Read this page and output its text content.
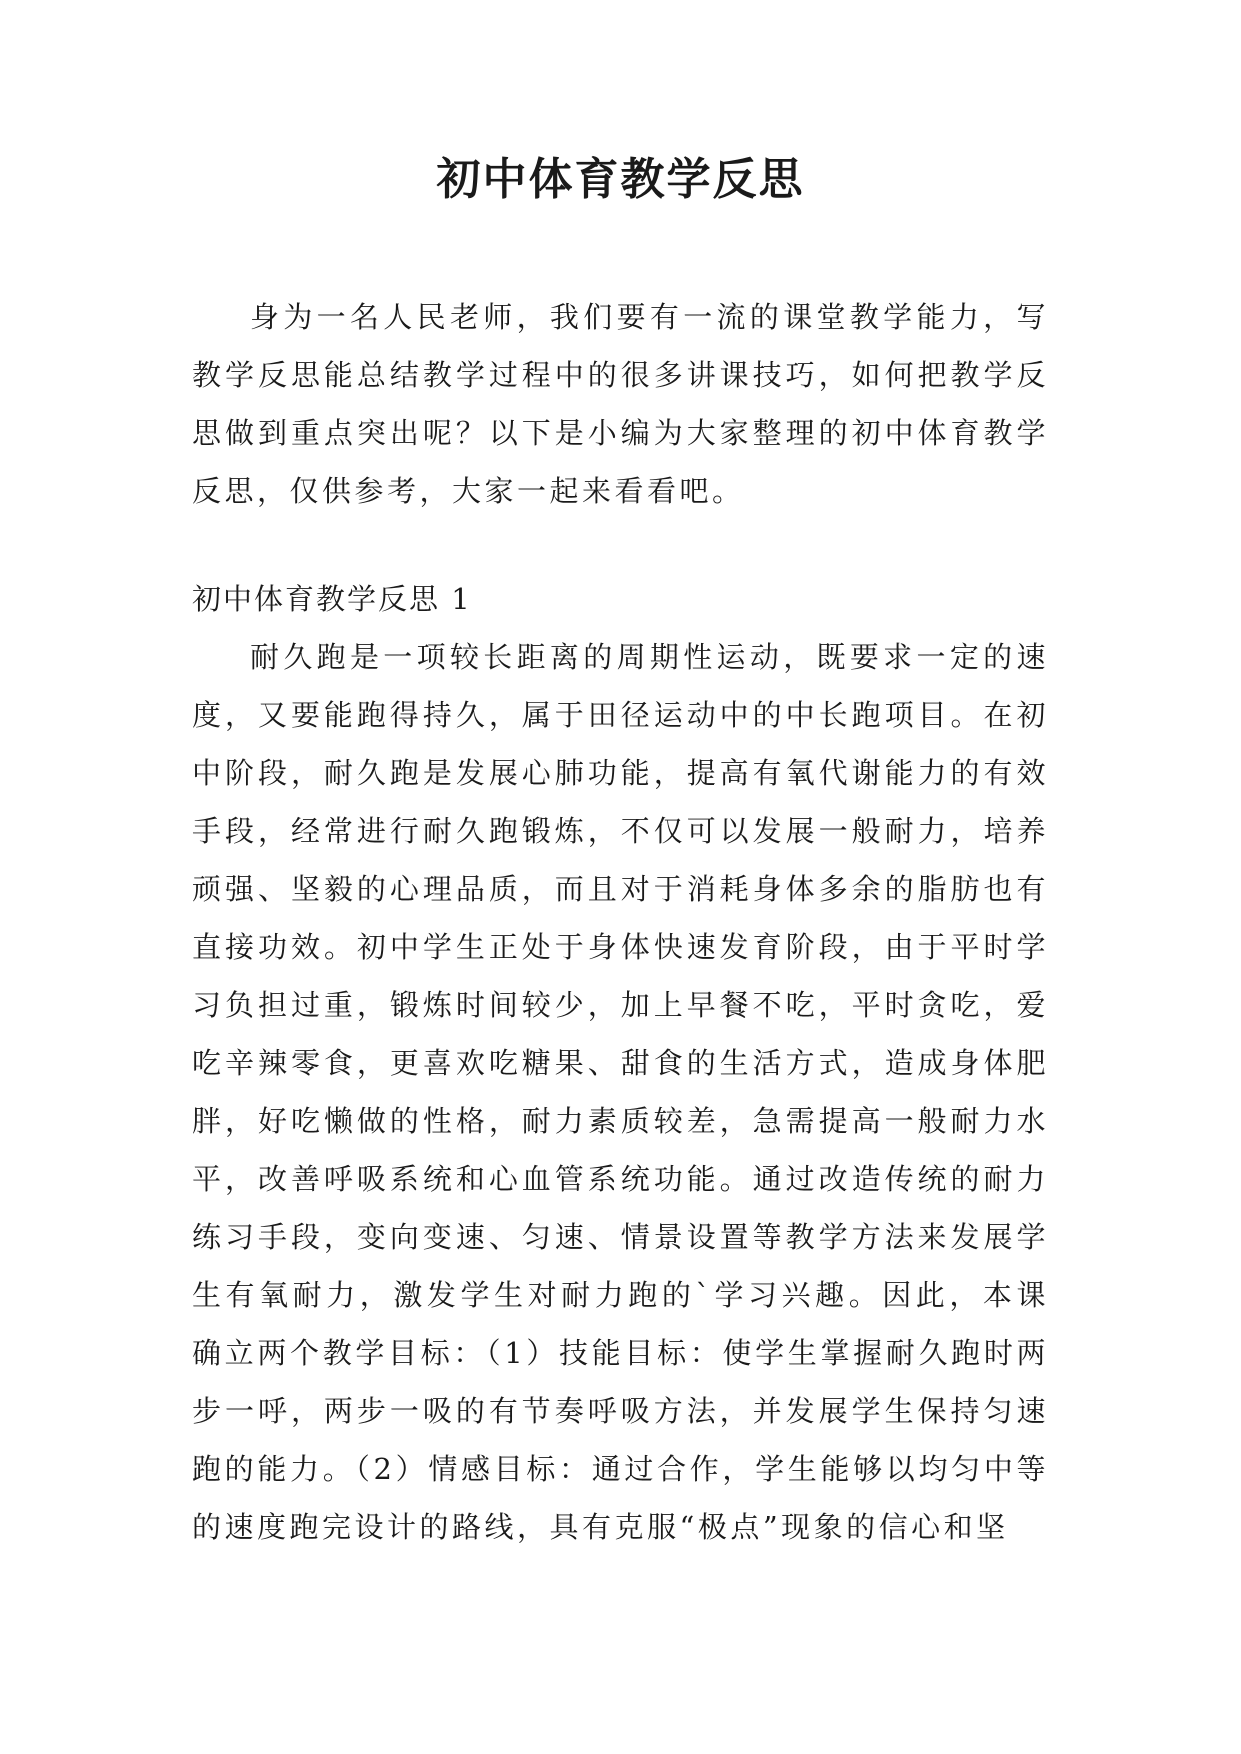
初中体育教学反思

身为一名人民老师，我们要有一流的课堂教学能力，写教学反思能总结教学过程中的很多讲课技巧，如何把教学反思做到重点突出呢？以下是小编为大家整理的初中体育教学反思，仅供参考，大家一起来看看吧。

初中体育教学反思 1

耐久跑是一项较长距离的周期性运动，既要求一定的速度，又要能跑得持久，属于田径运动中的中长跑项目。在初中阶段，耐久跑是发展心肺功能，提高有氧代谢能力的有效手段，经常进行耐久跑锻炼，不仅可以发展一般耐力，培养顽强、坚毅的心理品质，而且对于消耗身体多余的脂肪也有直接功效。初中学生正处于身体快速发育阶段，由于平时学习负担过重，锻炼时间较少，加上早餐不吃，平时贪吃，爱吃辛辣零食，更喜欢吃糖果、甜食的生活方式，造成身体肥胖，好吃懒做的性格，耐力素质较差，急需提高一般耐力水平，改善呼吸系统和心血管系统功能。通过改造传统的耐力练习手段，变向变速、匀速、情景设置等教学方法来发展学生有氧耐力，激发学生对耐力跑的`学习兴趣。因此，本课确立两个教学目标：（1）技能目标：使学生掌握耐久跑时两步一呼，两步一吸的有节奏呼吸方法，并发展学生保持匀速跑的能力。（2）情感目标：通过合作，学生能够以均匀中等的速度跑完设计的路线，具有克服“极点”现象的信心和坚
